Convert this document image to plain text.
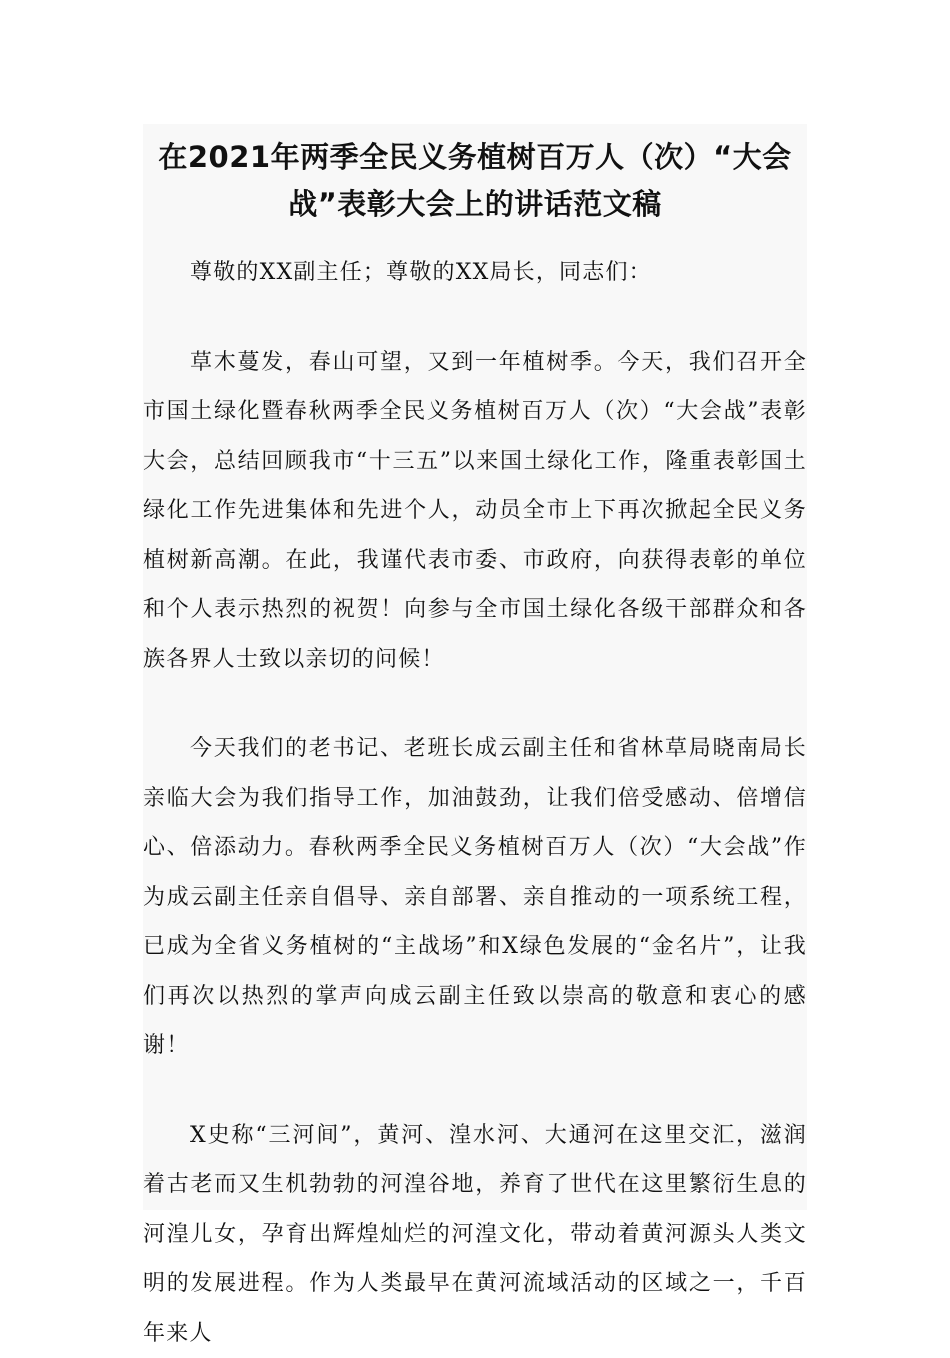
在2021年两季全民义务植树百万人（次）“大会
战”表彰大会上的讲话范文稿

尊敬的XX副主任；尊敬的XX局长，同志们：

草木蔓发，春山可望，又到一年植树季。今天，我们召开全市国土绿化暨春秋两季全民义务植树百万人（次）“大会战”表彰大会，总结回顾我市“十三五”以来国土绿化工作，隆重表彰国土绿化工作先进集体和先进个人，动员全市上下再次掀起全民义务植树新高潮。在此，我谨代表市委、市政府，向获得表彰的单位和个人表示热烈的祝贺！向参与全市国土绿化各级干部群众和各族各界人士致以亲切的问候！

今天我们的老书记、老班长成云副主任和省林草局晓南局长亲临大会为我们指导工作，加油鼓劲，让我们倍受感动、倍增信心、倍添动力。春秋两季全民义务植树百万人（次）“大会战”作为成云副主任亲自倡导、亲自部署、亲自推动的一项系统工程，已成为全省义务植树的“主战场”和X绿色发展的“金名片”，让我们再次以热烈的掌声向成云副主任致以崇高的敬意和衷心的感谢！

X史称“三河间”，黄河、湟水河、大通河在这里交汇，滋润着古老而又生机勃勃的河湟谷地，养育了世代在这里繁衍生息的河湟儿女，孕育出辉煌灿烂的河湟文化，带动着黄河源头人类文明的发展进程。作为人类最早在黄河流域活动的区域之一，千百年来人
